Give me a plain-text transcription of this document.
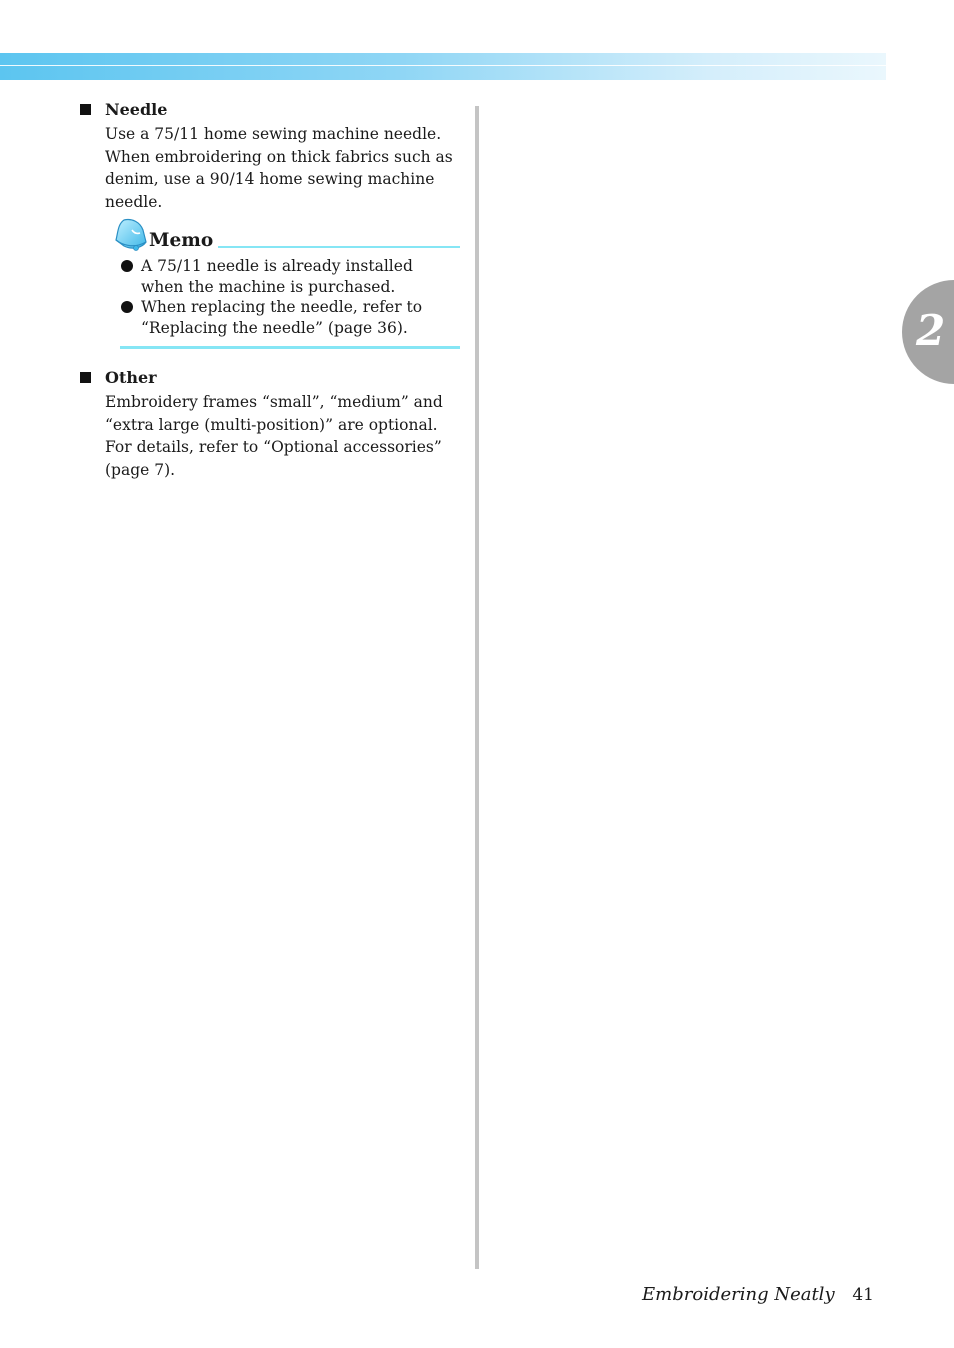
Needle
Use a 75/11 home sewing machine needle. When embroidering on thick fabrics such as denim, use a 90/14 home sewing machine needle.
Memo
A 75/11 needle is already installed when the machine is purchased.
When replacing the needle, refer to “Replacing the needle” (page 36).
Other
Embroidery frames “small”, “medium” and “extra large (multi-position)” are optional. For details, refer to “Optional accessories” (page 7).
2
Embroidering Neatly 41
